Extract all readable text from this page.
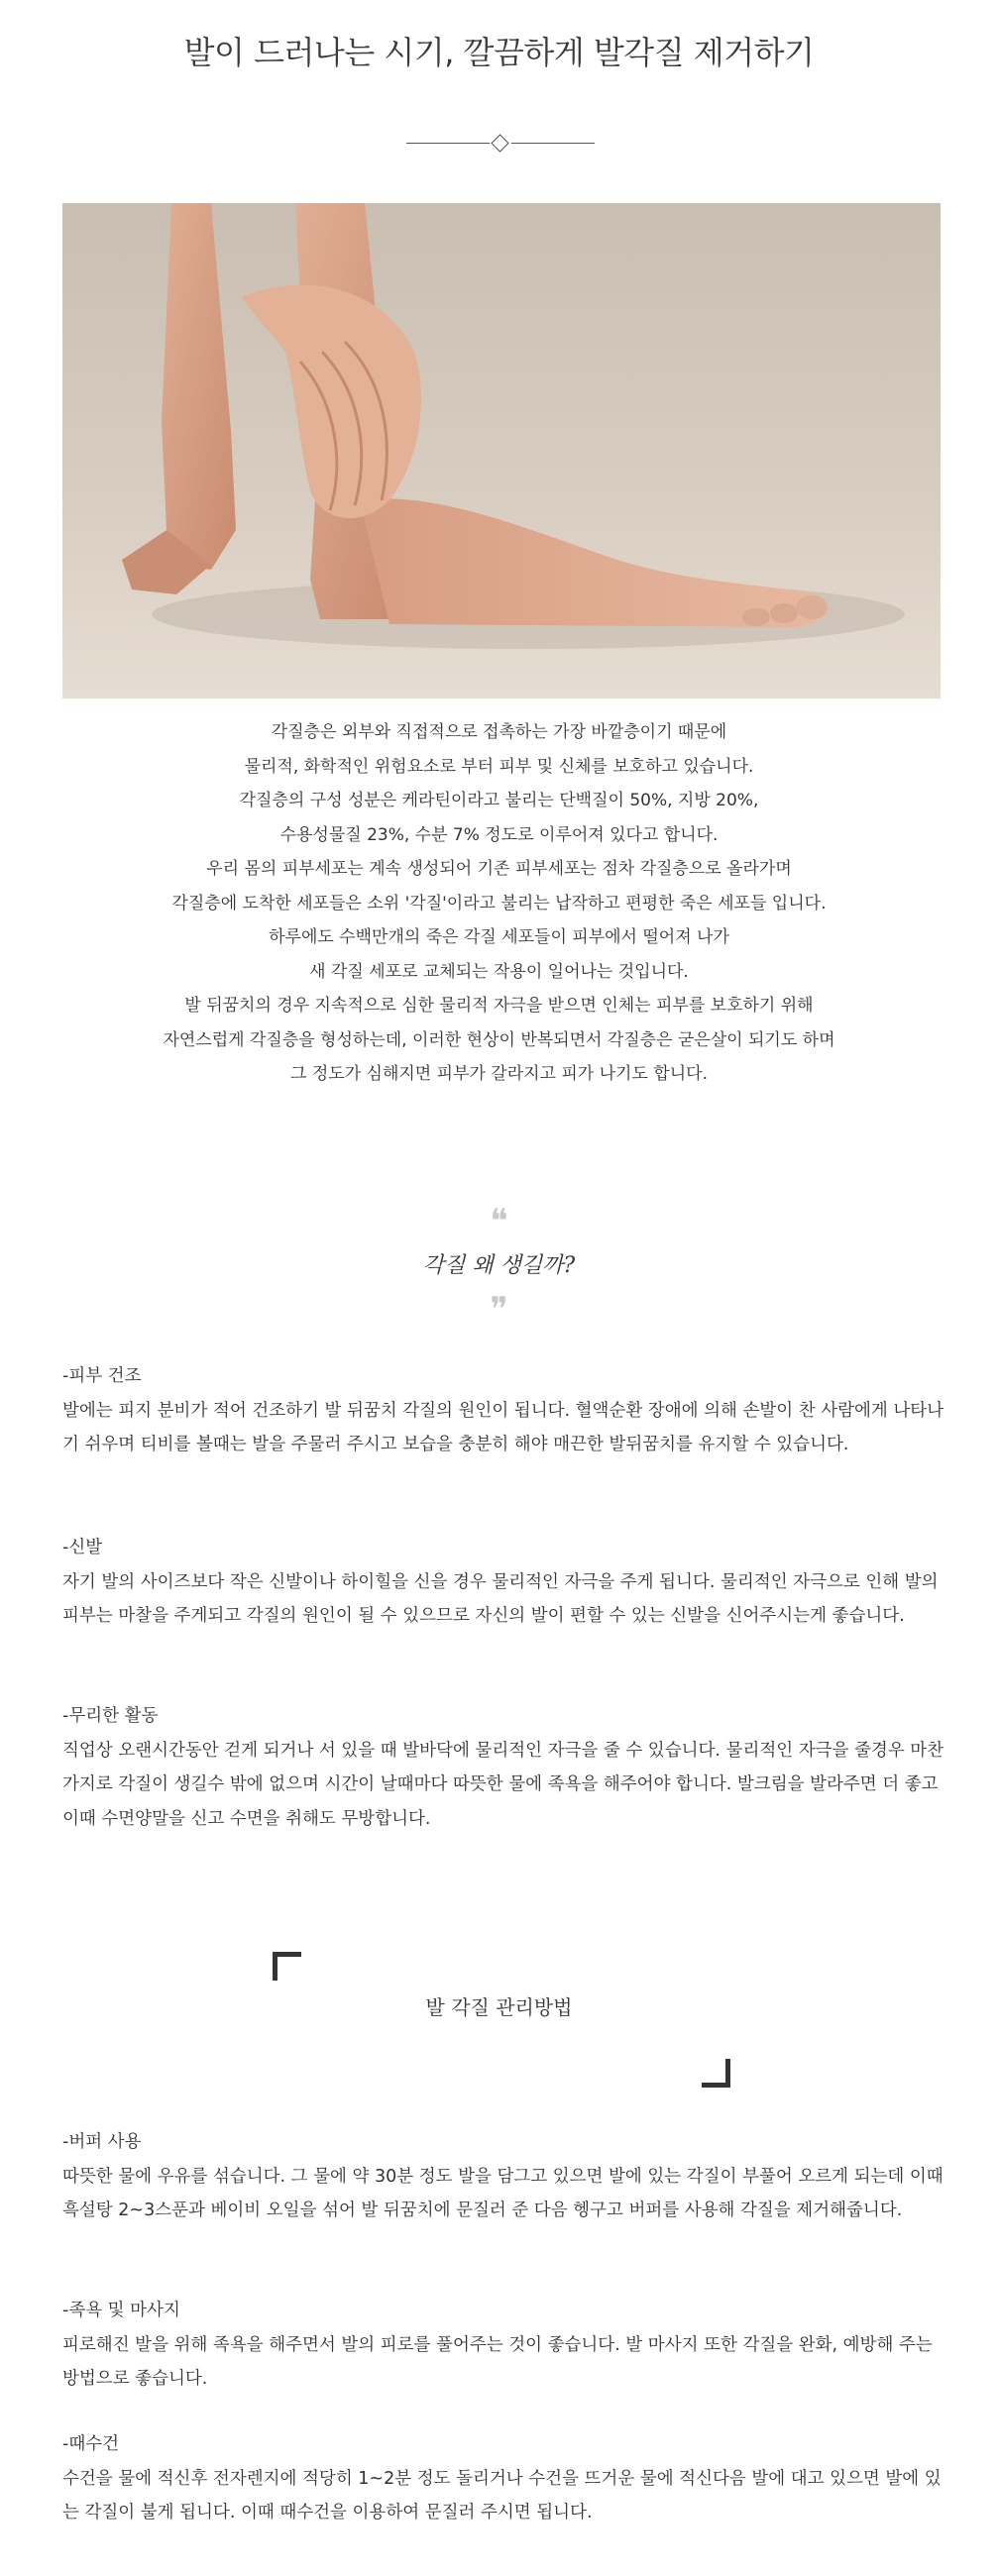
발이 드러나는 시기, 깔끔하게 발각질 제거하기

각질층은 외부와 직접적으로 접촉하는 가장 바깥층이기 때문에

물리적, 화학적인 위험요소로 부터 피부 및 신체를 보호하고 있습니다.

각질층의 구성 성분은 케라틴이라고 불리는 단백질이 50%, 지방 20%,

수용성물질 23%, 수분 7% 정도로 이루어져 있다고 합니다.

우리 몸의 피부세포는 계속 생성되어 기존 피부세포는 점차 각질층으로 올라가며

각질층에 도착한 세포들은 소위 '각질'이라고 불리는 납작하고 편평한 죽은 세포들 입니다.

하루에도 수백만개의 죽은 각질 세포들이 피부에서 떨어져 나가

새 각질 세포로 교체되는 작용이 일어나는 것입니다.

발 뒤꿈치의 경우 지속적으로 심한 물리적 자극을 받으면 인체는 피부를 보호하기 위해

자연스럽게 각질층을 형성하는데, 이러한 현상이 반복되면서 각질층은 굳은살이 되기도 하며

그 정도가 심해지면 피부가 갈라지고 피가 나기도 합니다.

❝
각질 왜 생길까?
❞

-피부 건조

발에는 피지 분비가 적어 건조하기 발 뒤꿈치 각질의 원인이 됩니다. 혈액순환 장애에 의해 손발이 찬 사람에게 나타나기 쉬우며 티비를 볼때는 발을 주물러 주시고 보습을 충분히 해야 매끈한 발뒤꿈치를 유지할 수 있습니다.

-신발

자기 발의 사이즈보다 작은 신발이나 하이힐을 신을 경우 물리적인 자극을 주게 됩니다. 물리적인 자극으로 인해 발의 피부는 마찰을 주게되고 각질의 원인이 될 수 있으므로 자신의 발이 편할 수 있는 신발을 신어주시는게 좋습니다.

-무리한 활동

직업상 오랜시간동안 걷게 되거나 서 있을 때 발바닥에 물리적인 자극을 줄 수 있습니다. 물리적인 자극을 줄경우 마찬가지로 각질이 생길수 밖에 없으며 시간이 날때마다 따뜻한 물에 족욕을 해주어야 합니다. 발크림을 발라주면 더 좋고 이때 수면양말을 신고 수면을 취해도 무방합니다.

발 각질 관리방법

-버퍼 사용

따뜻한 물에 우유를 섞습니다. 그 물에 약 30분 정도 발을 담그고 있으면 발에 있는 각질이 부풀어 오르게 되는데 이때 흑설탕 2~3스푼과 베이비 오일을 섞어 발 뒤꿈치에 문질러 준 다음 헹구고 버퍼를 사용해 각질을 제거해줍니다.

-족욕 및 마사지

피로해진 발을 위해 족욕을 해주면서 발의 피로를 풀어주는 것이 좋습니다. 발 마사지 또한 각질을 완화, 예방해 주는 방법으로 좋습니다.

-때수건

수건을 물에 적신후 전자렌지에 적당히 1~2분 정도 돌리거나 수건을 뜨거운 물에 적신다음 발에 대고 있으면 발에 있는 각질이 불게 됩니다. 이때 때수건을 이용하여 문질러 주시면 됩니다.
